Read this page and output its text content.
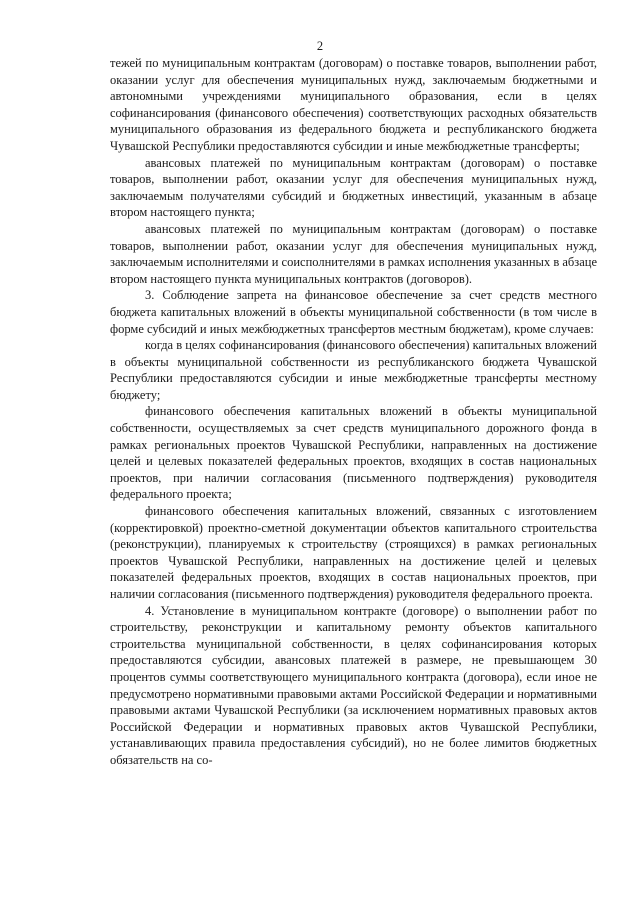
2

тежей по муниципальным контрактам (договорам) о поставке товаров, выполнении работ, оказании услуг для обеспечения муниципальных нужд, заключаемым бюджетными и автономными учреждениями муниципального образования, если в целях софинансирования (финансового обеспечения) соответствующих расходных обязательств муниципального образования из федерального бюджета и республиканского бюджета Чувашской Республики предоставляются субсидии и иные межбюджетные трансферты;

авансовых платежей по муниципальным контрактам (договорам) о поставке товаров, выполнении работ, оказании услуг для обеспечения муниципальных нужд, заключаемым получателями субсидий и бюджетных инвестиций, указанным в абзаце втором настоящего пункта;

авансовых платежей по муниципальным контрактам (договорам) о поставке товаров, выполнении работ, оказании услуг для обеспечения муниципальных нужд, заключаемым исполнителями и соисполнителями в рамках исполнения указанных в абзаце втором настоящего пункта муниципальных контрактов (договоров).

3. Соблюдение запрета на финансовое обеспечение за счет средств местного бюджета капитальных вложений в объекты муниципальной собственности (в том числе в форме субсидий и иных межбюджетных трансфертов местным бюджетам), кроме случаев:

когда в целях софинансирования (финансового обеспечения) капитальных вложений в объекты муниципальной собственности из республиканского бюджета Чувашской Республики предоставляются субсидии и иные межбюджетные трансферты местному бюджету;

финансового обеспечения капитальных вложений в объекты муниципальной собственности, осуществляемых за счет средств муниципального дорожного фонда в рамках региональных проектов Чувашской Республики, направленных на достижение целей и целевых показателей федеральных проектов, входящих в состав национальных проектов, при наличии согласования (письменного подтверждения) руководителя федерального проекта;

финансового обеспечения капитальных вложений, связанных с изготовлением (корректировкой) проектно-сметной документации объектов капитального строительства (реконструкции), планируемых к строительству (строящихся) в рамках региональных проектов Чувашской Республики, направленных на достижение целей и целевых показателей федеральных проектов, входящих в состав национальных проектов, при наличии согласования (письменного подтверждения) руководителя федерального проекта.

4. Установление в муниципальном контракте (договоре) о выполнении работ по строительству, реконструкции и капитальному ремонту объектов капитального строительства муниципальной собственности, в целях софинансирования которых предоставляются субсидии, авансовых платежей в размере, не превышающем 30 процентов суммы соответствующего муниципального контракта (договора), если иное не предусмотрено нормативными правовыми актами Российской Федерации и нормативными правовыми актами Чувашской Республики (за исключением нормативных правовых актов Российской Федерации и нормативных правовых актов Чувашской Республики, устанавливающих правила предоставления субсидий), но не более лимитов бюджетных обязательств на со-
